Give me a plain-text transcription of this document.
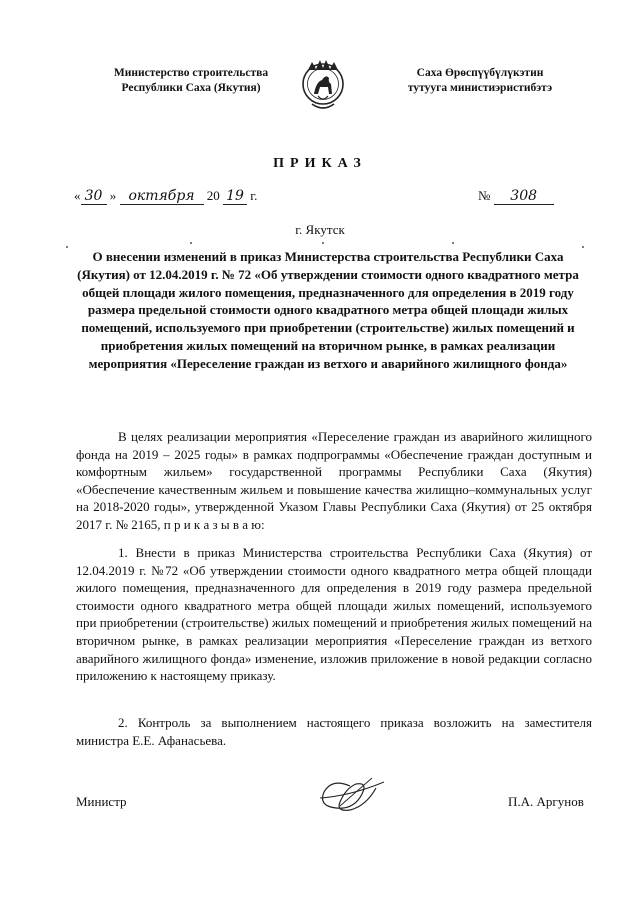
Министерство строительства
Республики Саха (Якутия)
Саха Өрөспүүбүлүкэтин
тутууга министиэристибэтэ
ПРИКАЗ
« 30 » октября 20 19 г.	№ 308
г. Якутск
О внесении изменений в приказ Министерства строительства Республики Саха (Якутия) от 12.04.2019 г. № 72 «Об утверждении стоимости одного квадратного метра общей площади жилого помещения, предназначенного для определения в 2019 году размера предельной стоимости одного квадратного метра общей площади жилых помещений, используемого при приобретении (строительстве) жилых помещений и приобретения жилых помещений на вторичном рынке, в рамках реализации мероприятия «Переселение граждан из ветхого и аварийного жилищного фонда»

В целях реализации мероприятия «Переселение граждан из аварийного жилищного фонда на 2019 – 2025 годы» в рамках подпрограммы «Обеспечение граждан доступным и комфортным жильем» государственной программы Республики Саха (Якутия) «Обеспечение качественным жильем и повышение качества жилищно–коммунальных услуг на 2018-2020 годы», утвержденной Указом Главы Республики Саха (Якутия) от 25 октября 2017 г. № 2165, п р и к а з ы в а ю:

1. Внести в приказ Министерства строительства Республики Саха (Якутия) от 12.04.2019 г. №72 «Об утверждении стоимости одного квадратного метра общей площади жилого помещения, предназначенного для определения в 2019 году размера предельной стоимости одного квадратного метра общей площади жилых помещений, используемого при приобретении (строительстве) жилых помещений и приобретения жилых помещений на вторичном рынке, в рамках реализации мероприятия «Переселение граждан из ветхого аварийного жилищного фонда» изменение, изложив приложение в новой редакции согласно приложению к настоящему приказу.

2. Контроль за выполнением настоящего приказа возложить на заместителя министра Е.Е. Афанасьева.

Министр	П.А. Аргунов
